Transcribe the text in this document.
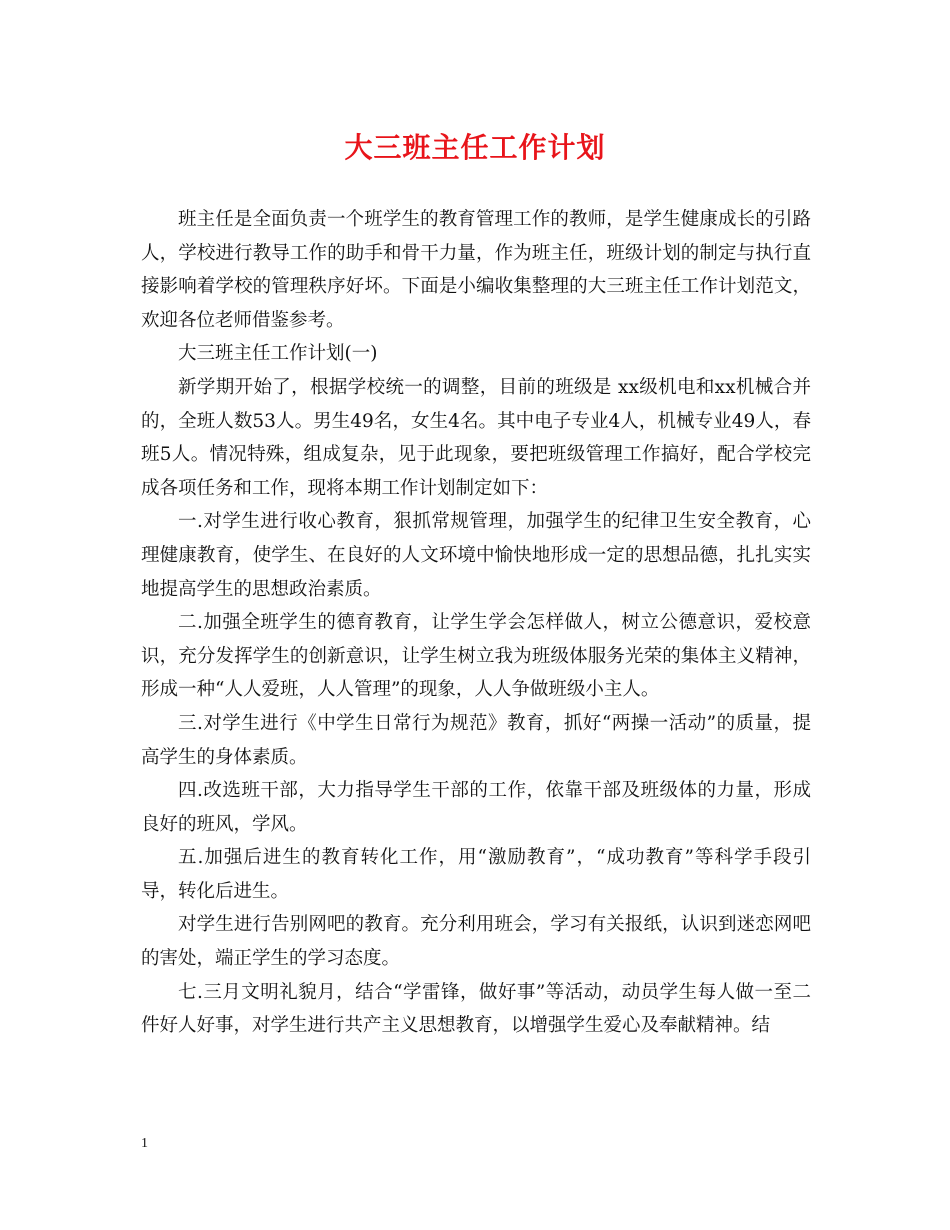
大三班主任工作计划

班主任是全面负责一个班学生的教育管理工作的教师，是学生健康成长的引路人，学校进行教导工作的助手和骨干力量，作为班主任，班级计划的制定与执行直接影响着学校的管理秩序好坏。下面是小编收集整理的大三班主任工作计划范文，欢迎各位老师借鉴参考。

大三班主任工作计划(一)

新学期开始了，根据学校统一的调整，目前的班级是 xx级机电和xx机械合并的，全班人数53人。男生49名，女生4名。其中电子专业4人，机械专业49人，春班5人。情况特殊，组成复杂，见于此现象，要把班级管理工作搞好，配合学校完成各项任务和工作，现将本期工作计划制定如下：

一.对学生进行收心教育，狠抓常规管理，加强学生的纪律卫生安全教育，心理健康教育，使学生、在良好的人文环境中愉快地形成一定的思想品德，扎扎实实地提高学生的思想政治素质。

二.加强全班学生的德育教育，让学生学会怎样做人，树立公德意识，爱校意识，充分发挥学生的创新意识，让学生树立我为班级体服务光荣的集体主义精神，形成一种“人人爱班，人人管理”的现象，人人争做班级小主人。

三.对学生进行《中学生日常行为规范》教育，抓好“两操一活动”的质量，提高学生的身体素质。

四.改选班干部，大力指导学生干部的工作，依靠干部及班级体的力量，形成良好的班风，学风。

五.加强后进生的教育转化工作，用“激励教育”，“成功教育”等科学手段引导，转化后进生。

对学生进行告别网吧的教育。充分利用班会，学习有关报纸，认识到迷恋网吧的害处，端正学生的学习态度。

七.三月文明礼貌月，结合“学雷锋，做好事”等活动，动员学生每人做一至二件好人好事，对学生进行共产主义思想教育，以增强学生爱心及奉献精神。结

1
